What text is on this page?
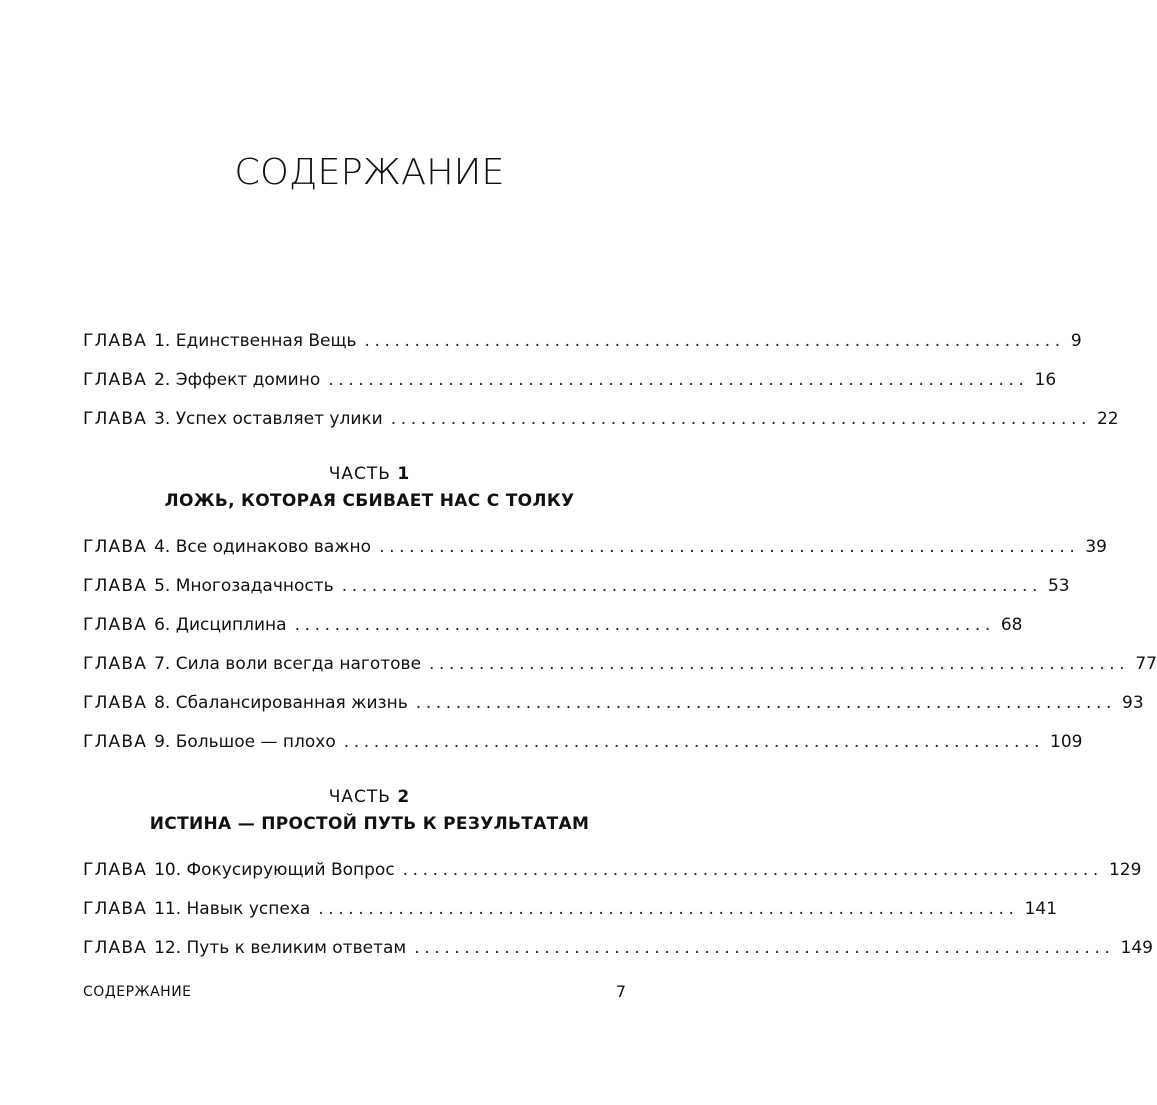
СОДЕРЖАНИЕ
ГЛАВА 1. Единственная Вещь ...................................................................... 9
ГЛАВА 2. Эффект домино ...................................................................... 16
ГЛАВА 3. Успех оставляет улики ...................................................................... 22
ЧАСТЬ 1
ЛОЖЬ, КОТОРАЯ СБИВАЕТ НАС С ТОЛКУ
ГЛАВА 4. Все одинаково важно ...................................................................... 39
ГЛАВА 5. Многозадачность ...................................................................... 53
ГЛАВА 6. Дисциплина ...................................................................... 68
ГЛАВА 7. Сила воли всегда наготове ...................................................................... 77
ГЛАВА 8. Сбалансированная жизнь ...................................................................... 93
ГЛАВА 9. Большое — плохо ...................................................................... 109
ЧАСТЬ 2
ИСТИНА — ПРОСТОЙ ПУТЬ К РЕЗУЛЬТАТАМ
ГЛАВА 10. Фокусирующий Вопрос ...................................................................... 129
ГЛАВА 11. Навык успеха ...................................................................... 141
ГЛАВА 12. Путь к великим ответам ...................................................................... 149
СОДЕРЖАНИЕ	7
